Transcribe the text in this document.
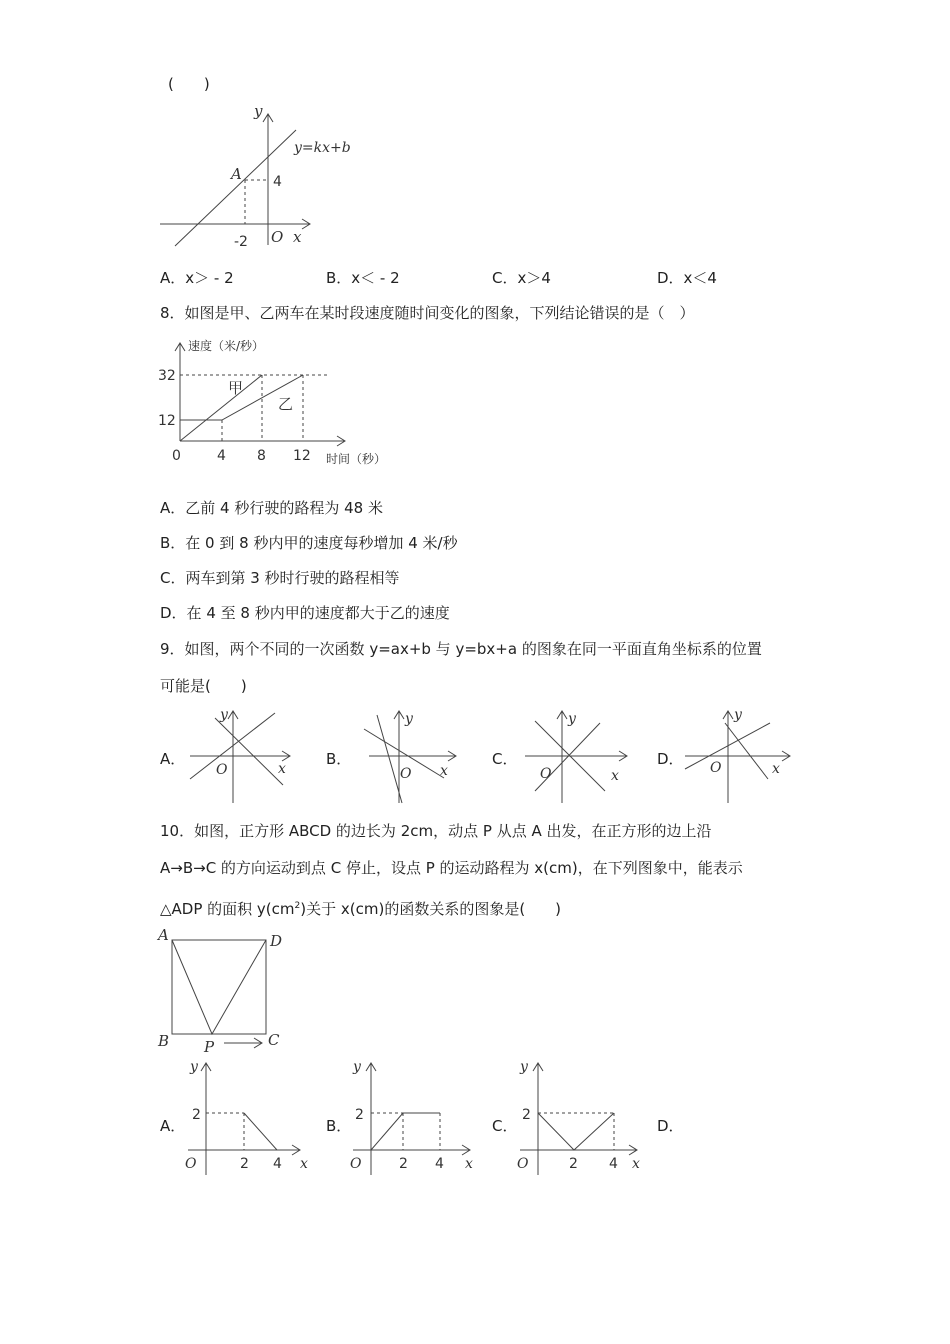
(　　)
y
x
O
y=kx+b
A
-2
4
A．x＞ - 2	B．x＜ - 2	C．x＞4	D．x＜4
8．如图是甲、乙两车在某时段速度随时间变化的图象，下列结论错误的是（　）
速度（米/秒）
时间（秒）
32
12
0	4 8 12
甲
乙
A．乙前 4 秒行驶的路程为 48 米
B．在 0 到 8 秒内甲的速度每秒增加 4 米/秒
C．两车到第 3 秒时行驶的路程相等
D．在 4 至 8 秒内甲的速度都大于乙的速度
9．如图，两个不同的一次函数 y=ax+b 与 y=bx+a 的图象在同一平面直角坐标系的位置
可能是(　　)
A．
y
x
O
B．
y
x
O
C．
y
x
O
D．
y
x
O
10．如图，正方形 ABCD 的边长为 2cm，动点 P 从点 A 出发，在正方形的边上沿
A→B→C 的方向运动到点 C 停止，设点 P 的运动路程为 x(cm)，在下列图象中，能表示
△ADP 的面积 $y(cm^2)$关于 x(cm)的函数关系的图象是(　　)
A	D
B	C
P
A．
y
x
O
2
2 4
B．
y
x
O
2
2 4
C．
y
x
O
2
2 4
D．
